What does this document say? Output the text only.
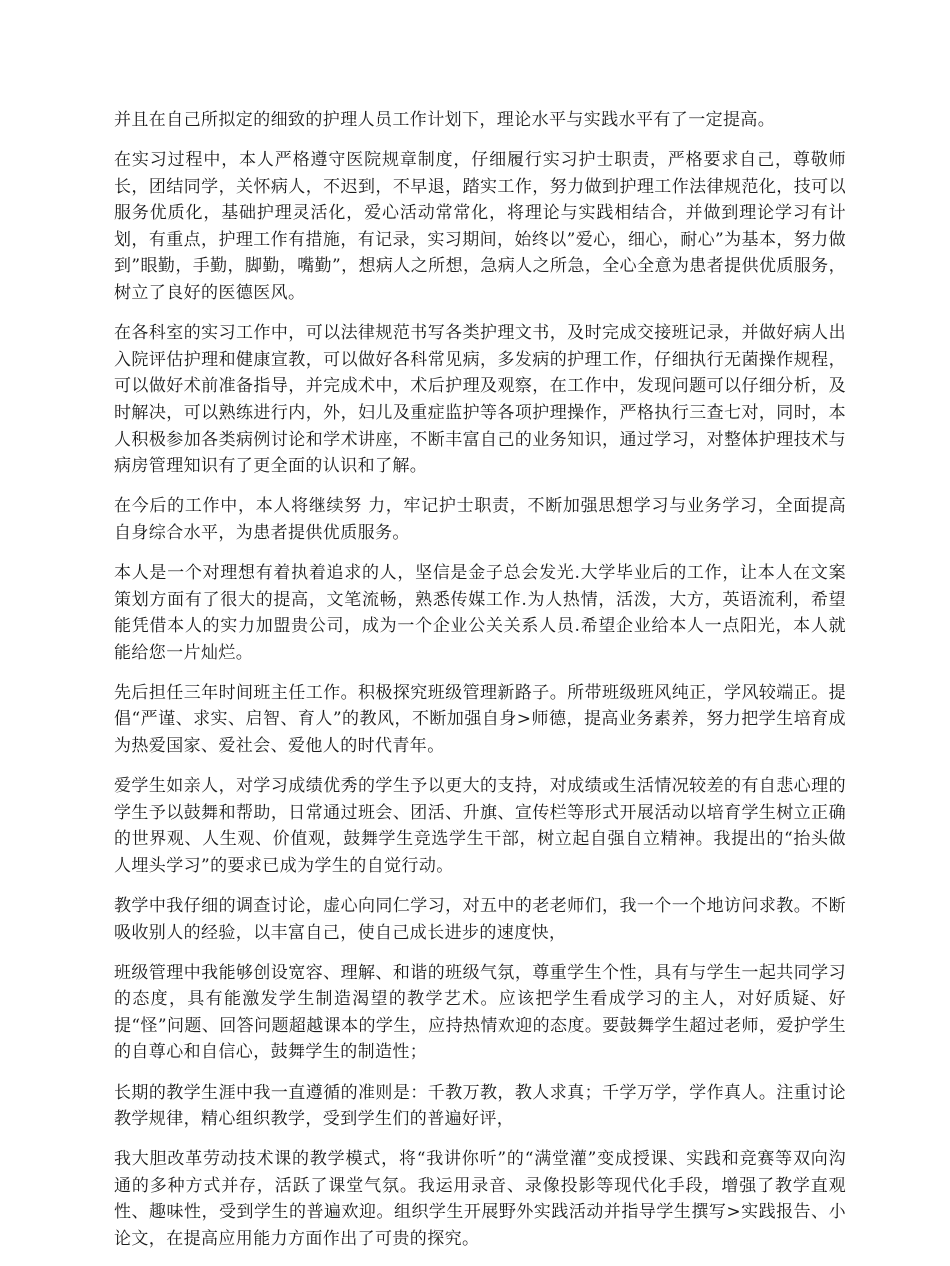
并且在自己所拟定的细致的护理人员工作计划下，理论水平与实践水平有了一定提高。

在实习过程中，本人严格遵守医院规章制度，仔细履行实习护士职责，严格要求自己，尊敬师长，团结同学，关怀病人，不迟到，不早退，踏实工作，努力做到护理工作法律规范化，技可以服务优质化，基础护理灵活化，爱心活动常常化，将理论与实践相结合，并做到理论学习有计划，有重点，护理工作有措施，有记录，实习期间，始终以”爱心，细心，耐心”为基本，努力做到”眼勤，手勤，脚勤，嘴勤”，想病人之所想，急病人之所急，全心全意为患者提供优质服务，树立了良好的医德医风。

在各科室的实习工作中，可以法律规范书写各类护理文书，及时完成交接班记录，并做好病人出入院评估护理和健康宣教，可以做好各科常见病，多发病的护理工作，仔细执行无菌操作规程，可以做好术前准备指导，并完成术中，术后护理及观察，在工作中，发现问题可以仔细分析，及时解决，可以熟练进行内，外，妇儿及重症监护等各项护理操作，严格执行三查七对，同时，本人积极参加各类病例讨论和学术讲座，不断丰富自己的业务知识，通过学习，对整体护理技术与病房管理知识有了更全面的认识和了解。

在今后的工作中，本人将继续努 力，牢记护士职责，不断加强思想学习与业务学习，全面提高自身综合水平，为患者提供优质服务。

本人是一个对理想有着执着追求的人，坚信是金子总会发光.大学毕业后的工作，让本人在文案策划方面有了很大的提高，文笔流畅，熟悉传媒工作.为人热情，活泼，大方，英语流利，希望能凭借本人的实力加盟贵公司，成为一个企业公关关系人员.希望企业给本人一点阳光，本人就能给您一片灿烂。

先后担任三年时间班主任工作。积极探究班级管理新路子。所带班级班风纯正，学风较端正。提倡“严谨、求实、启智、育人”的教风，不断加强自身>师德，提高业务素养，努力把学生培育成为热爱国家、爱社会、爱他人的时代青年。

爱学生如亲人，对学习成绩优秀的学生予以更大的支持，对成绩或生活情况较差的有自悲心理的学生予以鼓舞和帮助，日常通过班会、团活、升旗、宣传栏等形式开展活动以培育学生树立正确的世界观、人生观、价值观，鼓舞学生竞选学生干部，树立起自强自立精神。我提出的“抬头做人埋头学习”的要求已成为学生的自觉行动。

教学中我仔细的调查讨论，虚心向同仁学习，对五中的老老师们，我一个一个地访问求教。不断吸收别人的经验，以丰富自己，使自己成长进步的速度快，

班级管理中我能够创设宽容、理解、和谐的班级气氛，尊重学生个性，具有与学生一起共同学习的态度，具有能激发学生制造渴望的教学艺术。应该把学生看成学习的主人，对好质疑、好提“怪”问题、回答问题超越课本的学生，应持热情欢迎的态度。要鼓舞学生超过老师，爱护学生的自尊心和自信心，鼓舞学生的制造性；

长期的教学生涯中我一直遵循的准则是：千教万教，教人求真；千学万学，学作真人。注重讨论教学规律，精心组织教学，受到学生们的普遍好评，

我大胆改革劳动技术课的教学模式，将“我讲你听”的“满堂灌”变成授课、实践和竞赛等双向沟通的多种方式并存，活跃了课堂气氛。我运用录音、录像投影等现代化手段，增强了教学直观性、趣味性，受到学生的普遍欢迎。组织学生开展野外实践活动并指导学生撰写>实践报告、小论文，在提高应用能力方面作出了可贵的探究。
